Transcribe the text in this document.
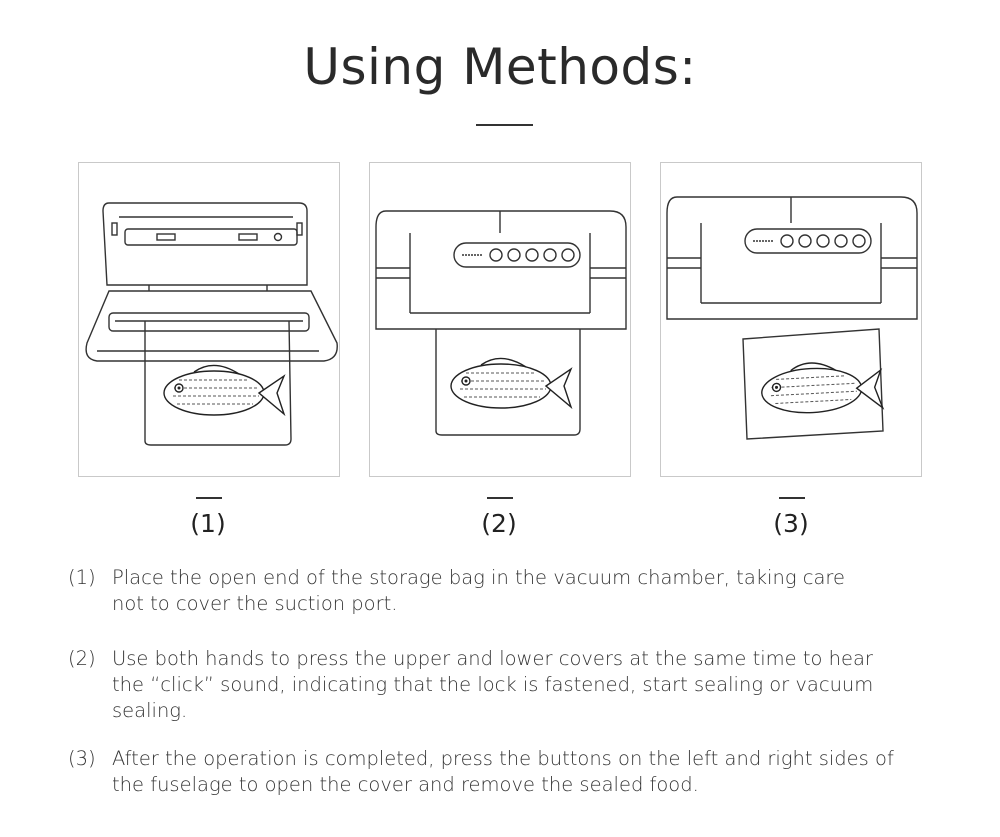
Using Methods:
(1)	(2)	(3)
(1) Place the open end of the storage bag in the vacuum chamber, taking care not to cover the suction port.
(2) Use both hands to press the upper and lower covers at the same time to hear the “click” sound, indicating that the lock is fastened, start sealing or vacuum sealing.
(3) After the operation is completed, press the buttons on the left and right sides of the fuselage to open the cover and remove the sealed food.
